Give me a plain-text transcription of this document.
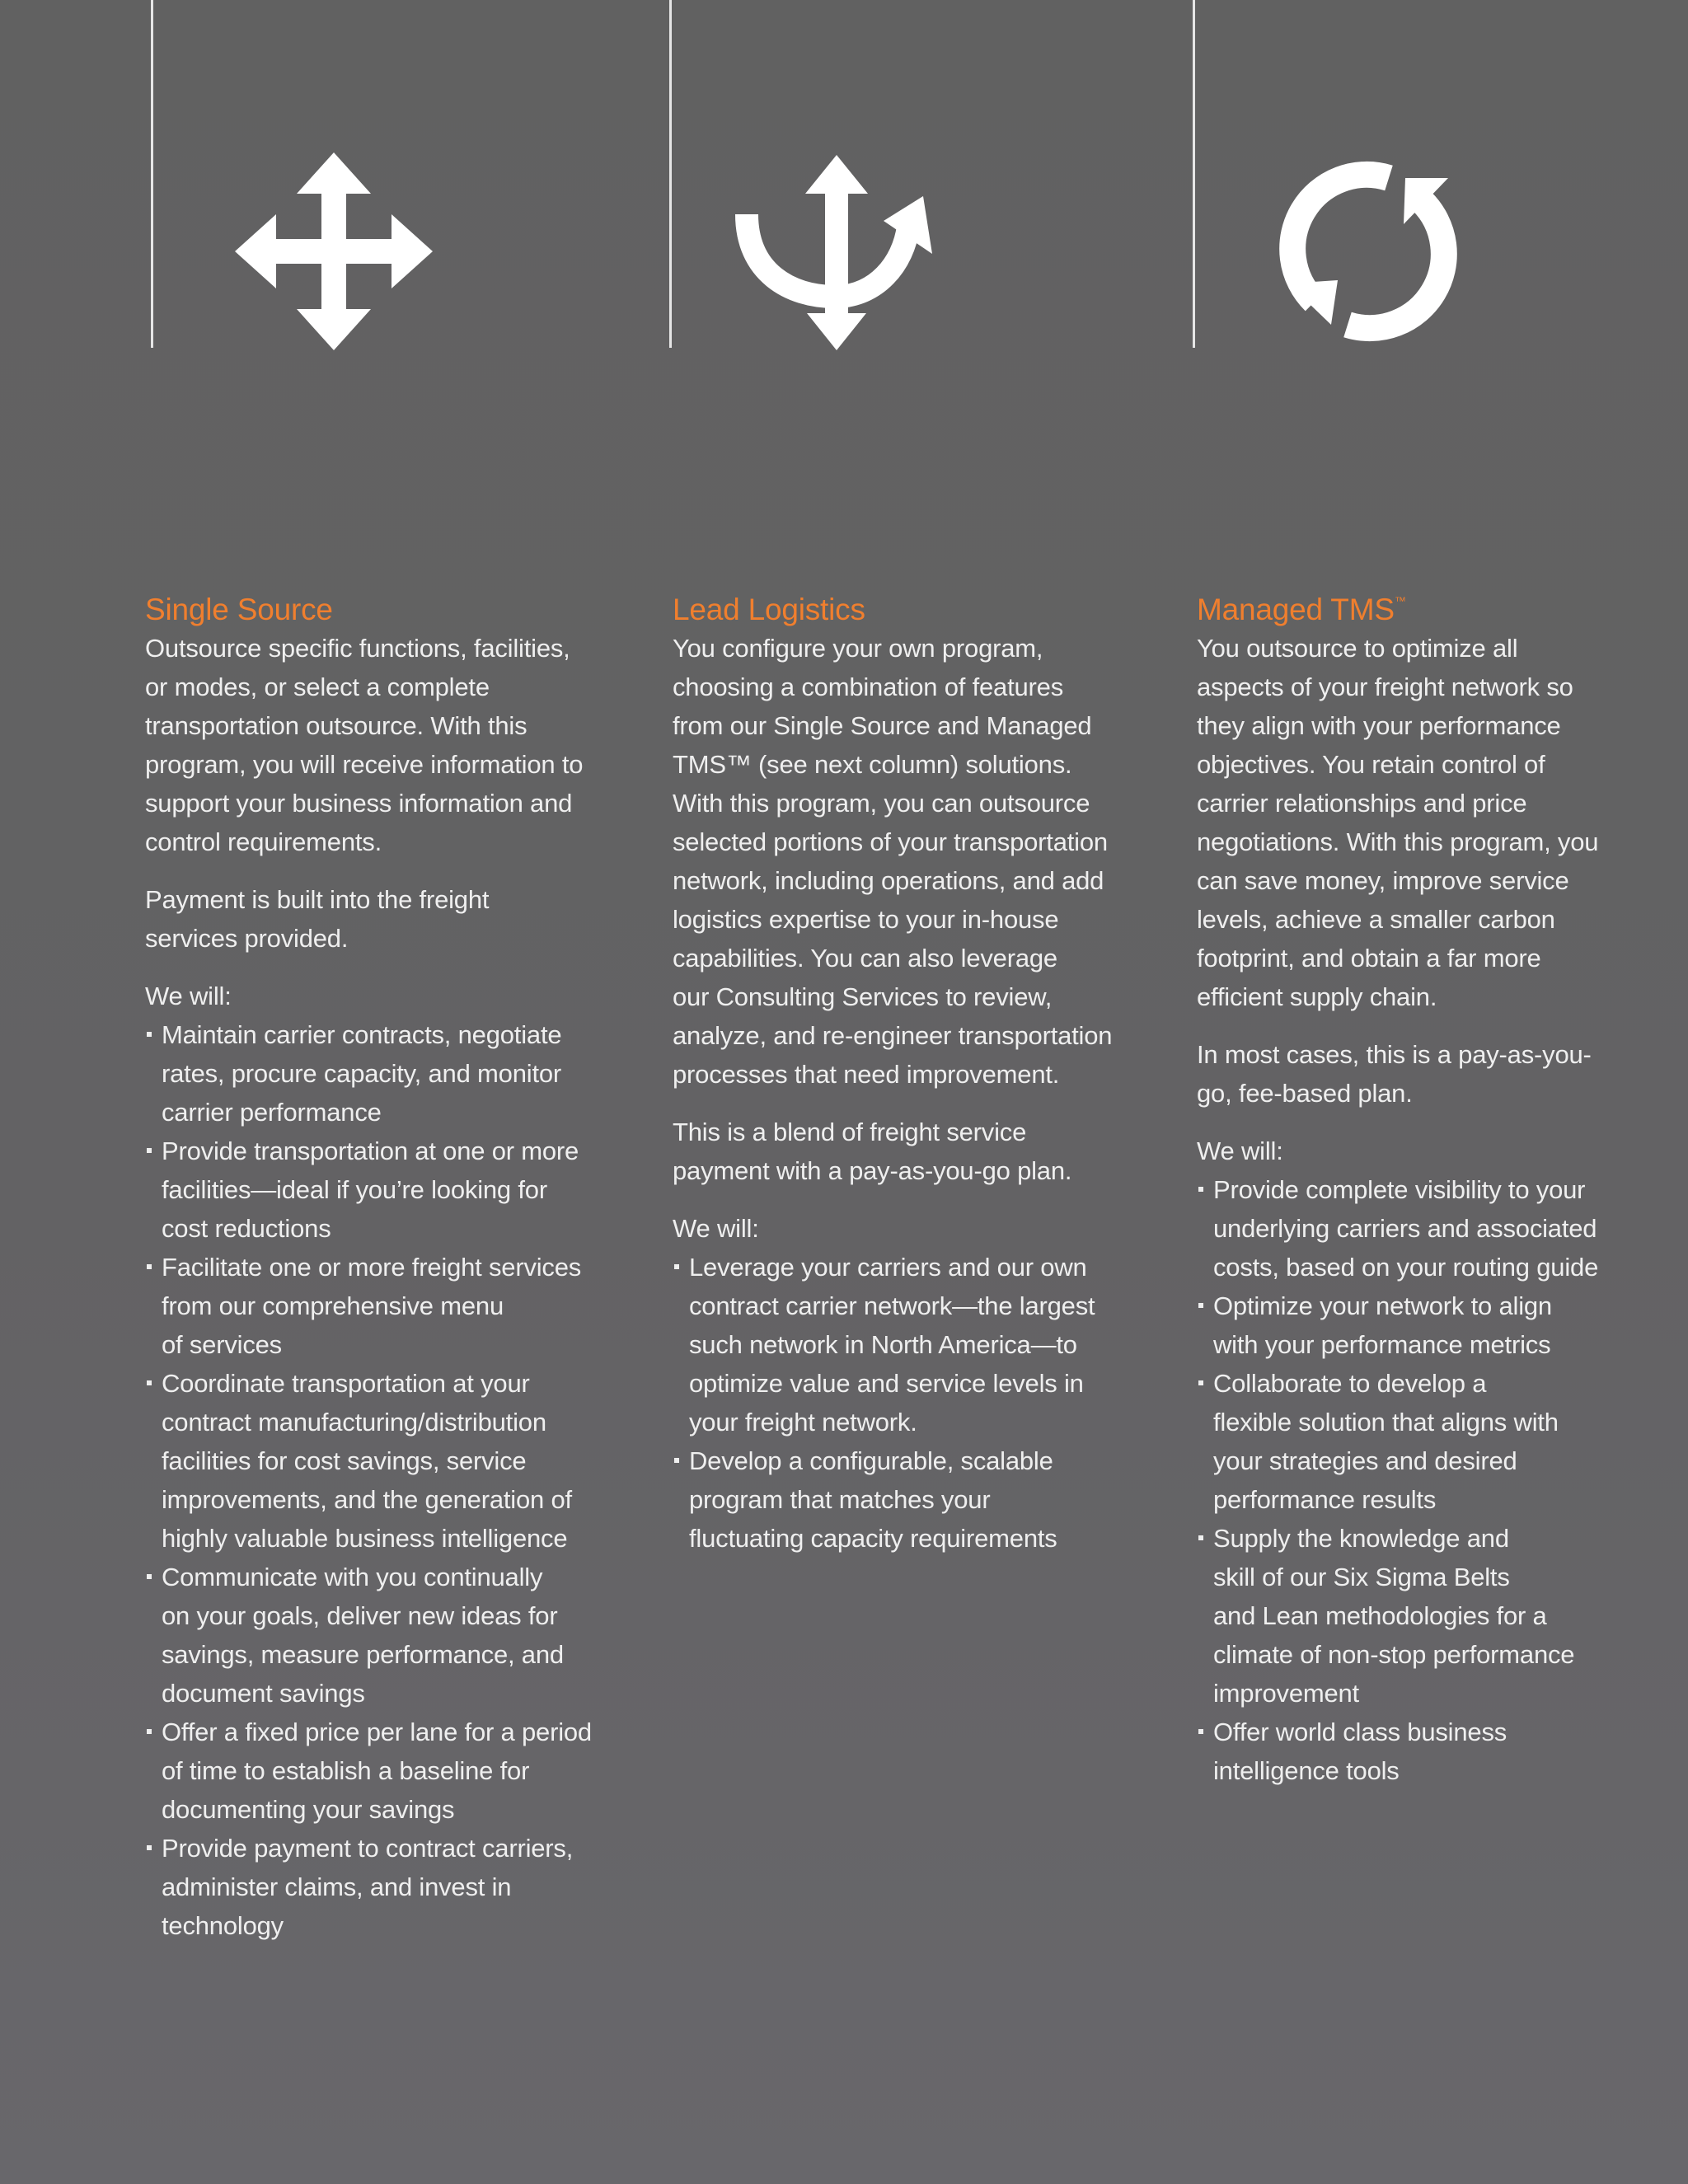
Single Source

Outsource specific functions, facilities,
or modes, or select a complete
transportation outsource. With this
program, you will receive information to
support your business information and
control requirements.

Payment is built into the freight
services provided.

We will:

Maintain carrier contracts, negotiate
rates, procure capacity, and monitor
carrier performance
Provide transportation at one or more
facilities—ideal if you’re looking for
cost reductions
Facilitate one or more freight services
from our comprehensive menu
of services
Coordinate transportation at your
contract manufacturing/distribution
facilities for cost savings, service
improvements, and the generation of
highly valuable business intelligence
Communicate with you continually
on your goals, deliver new ideas for
savings, measure performance, and
document savings
Offer a fixed price per lane for a period
of time to establish a baseline for
documenting your savings
Provide payment to contract carriers,
administer claims, and invest in
technology
Lead Logistics

You configure your own program,
choosing a combination of features
from our Single Source and Managed
TMS™ (see next column) solutions.
With this program, you can outsource
selected portions of your transportation
network, including operations, and add
logistics expertise to your in-house
capabilities. You can also leverage
our Consulting Services to review,
analyze, and re-engineer transportation
processes that need improvement.

This is a blend of freight service
payment with a pay-as-you-go plan.

We will:

Leverage your carriers and our own
contract carrier network—the largest
such network in North America—to
optimize value and service levels in
your freight network.
Develop a configurable, scalable
program that matches your
fluctuating capacity requirements
Managed TMS™

You outsource to optimize all
aspects of your freight network so
they align with your performance
objectives. You retain control of
carrier relationships and price
negotiations. With this program, you
can save money, improve service
levels, achieve a smaller carbon
footprint, and obtain a far more
efficient supply chain.

In most cases, this is a pay-as-you-
go, fee-based plan.

We will:

Provide complete visibility to your
underlying carriers and associated
costs, based on your routing guide
Optimize your network to align
with your performance metrics
Collaborate to develop a
flexible solution that aligns with
your strategies and desired
performance results
Supply the knowledge and
skill of our Six Sigma Belts
and Lean methodologies for a
climate of non-stop performance
improvement
Offer world class business
intelligence tools
